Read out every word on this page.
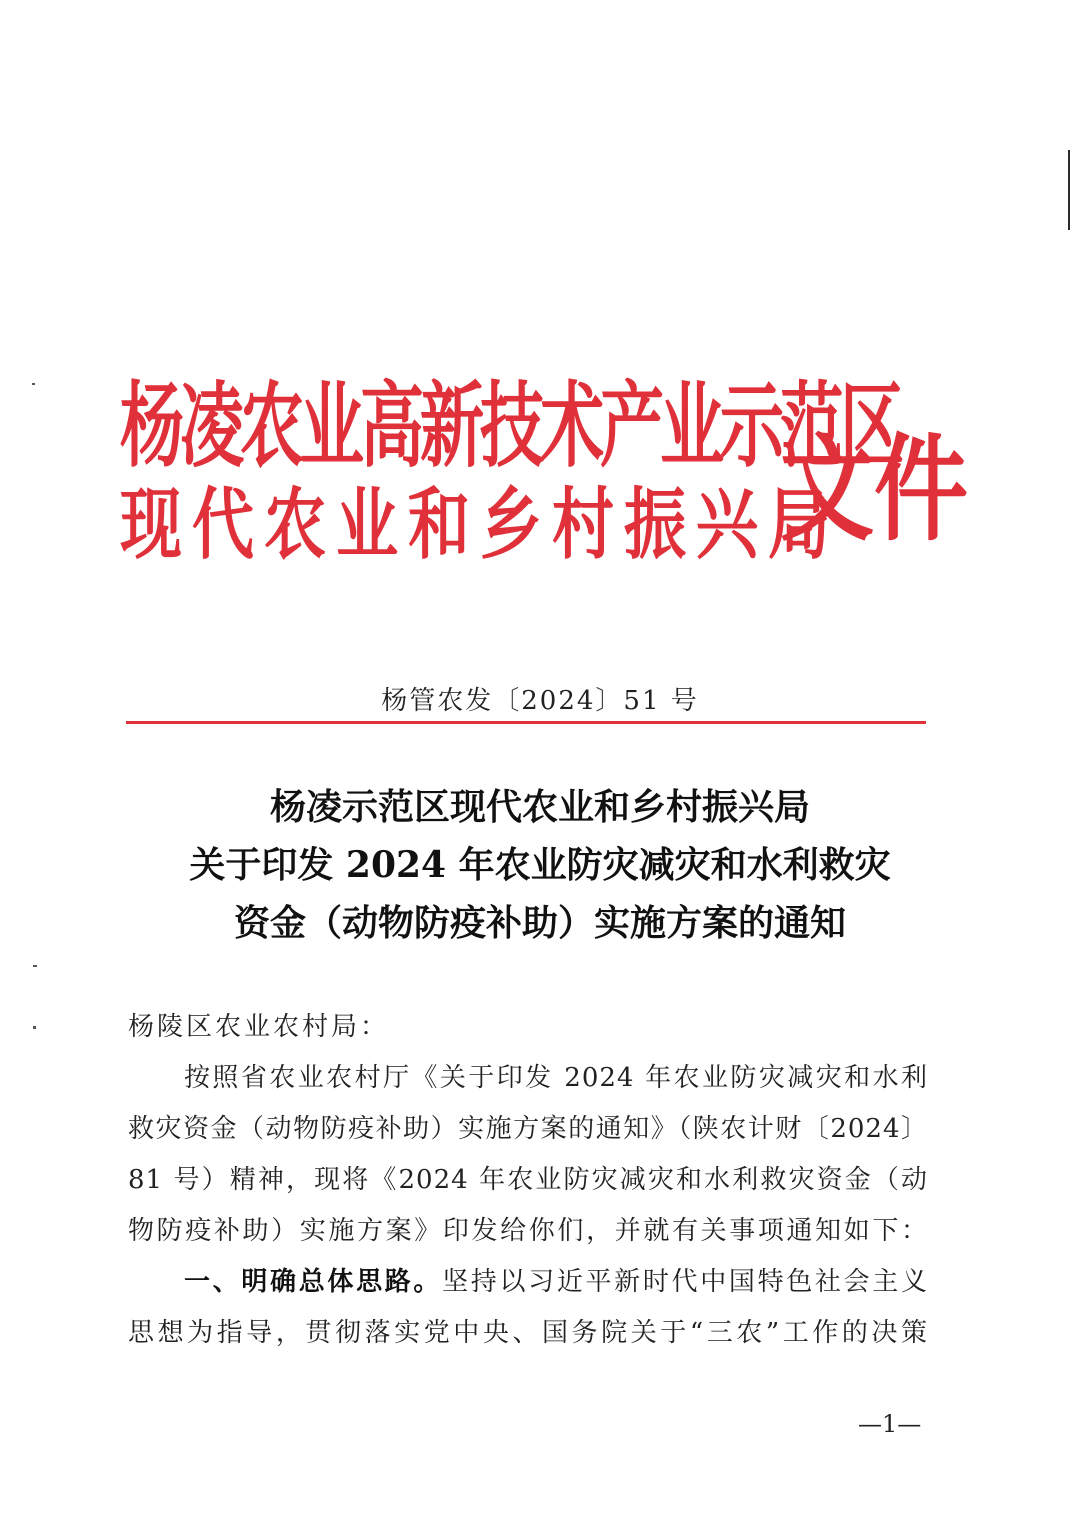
杨凌农业高新技术产业示范区
现代农业和乡村振兴局
文件
杨管农发〔2024〕51 号
杨凌示范区现代农业和乡村振兴局
关于印发 2024 年农业防灾减灾和水利救灾
资金（动物防疫补助）实施方案的通知
杨陵区农业农村局：
按照省农业农村厅《关于印发 2024 年农业防灾减灾和水利
救灾资金（动物防疫补助）实施方案的通知》（陕农计财〔2024〕
81 号）精神，现将《2024 年农业防灾减灾和水利救灾资金（动
物防疫补助）实施方案》印发给你们，并就有关事项通知如下：
一、明确总体思路。坚持以习近平新时代中国特色社会主义
思想为指导，贯彻落实党中央、国务院关于“三农”工作的决策
—1—
